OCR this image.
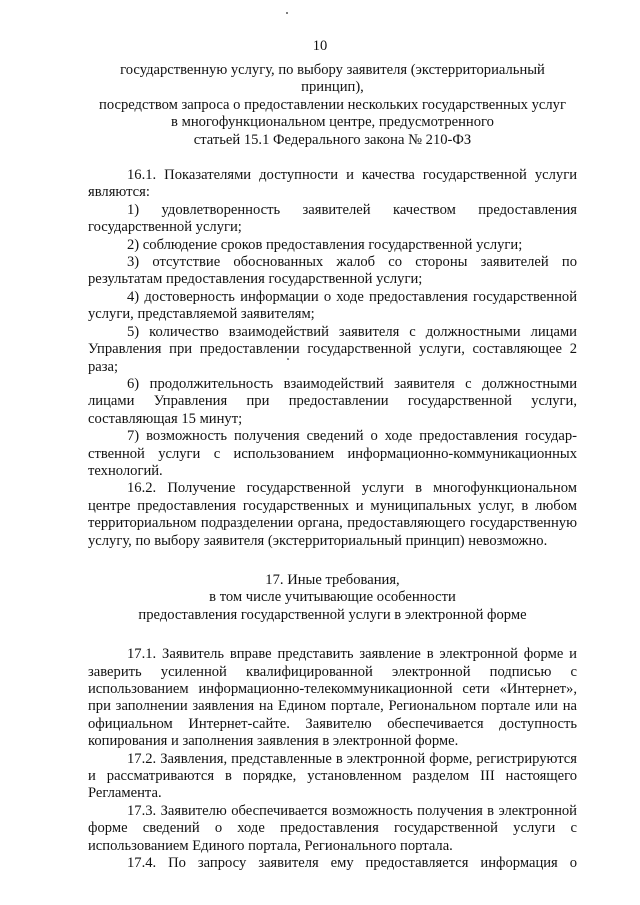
10

государственную услугу, по выбору заявителя (экстерриториальный принцип),

посредством запроса о предоставлении нескольких государственных услуг

в многофункциональном центре, предусмотренного

статьей 15.1 Федерального закона № 210-ФЗ

16.1. Показателями доступности и качества государственной услуги являются:

1) удовлетворенность заявителей качеством предоставления государственной услуги;

2) соблюдение сроков предоставления государственной услуги;

3) отсутствие обоснованных жалоб со стороны заявителей по результатам предоставления государственной услуги;

4) достоверность информации о ходе предоставления государственной услуги, представляемой заявителям;

5) количество взаимодействий заявителя с должностными лицами Управления при предоставлении государственной услуги, составляющее 2 раза;

6) продолжительность взаимодействий заявителя с должностными лицами Управления при предоставлении государственной услуги, составляющая 15 минут;

7) возможность получения сведений о ходе предоставления государ-ственной услуги с использованием информационно-коммуникационных технологий.

16.2. Получение государственной услуги в многофункциональном центре предоставления государственных и муниципальных услуг, в любом территориальном подразделении органа, предоставляющего государственную услугу, по выбору заявителя (экстерриториальный принцип) невозможно.

17. Иные требования,

в том числе учитывающие особенности

предоставления государственной услуги в электронной форме

17.1. Заявитель вправе представить заявление в электронной форме и заверить усиленной квалифицированной электронной подписью с использованием информационно-телекоммуникационной сети «Интернет», при заполнении заявления на Едином портале, Региональном портале или на официальном Интернет-сайте. Заявителю обеспечивается доступность копирования и заполнения заявления в электронной форме.

17.2. Заявления, представленные в электронной форме, регистрируются и рассматриваются в порядке, установленном разделом III настоящего Регламента.

17.3. Заявителю обеспечивается возможность получения в электронной форме сведений о ходе предоставления государственной услуги с использованием Единого портала, Регионального портала.

17.4. По запросу заявителя ему предоставляется информация о
